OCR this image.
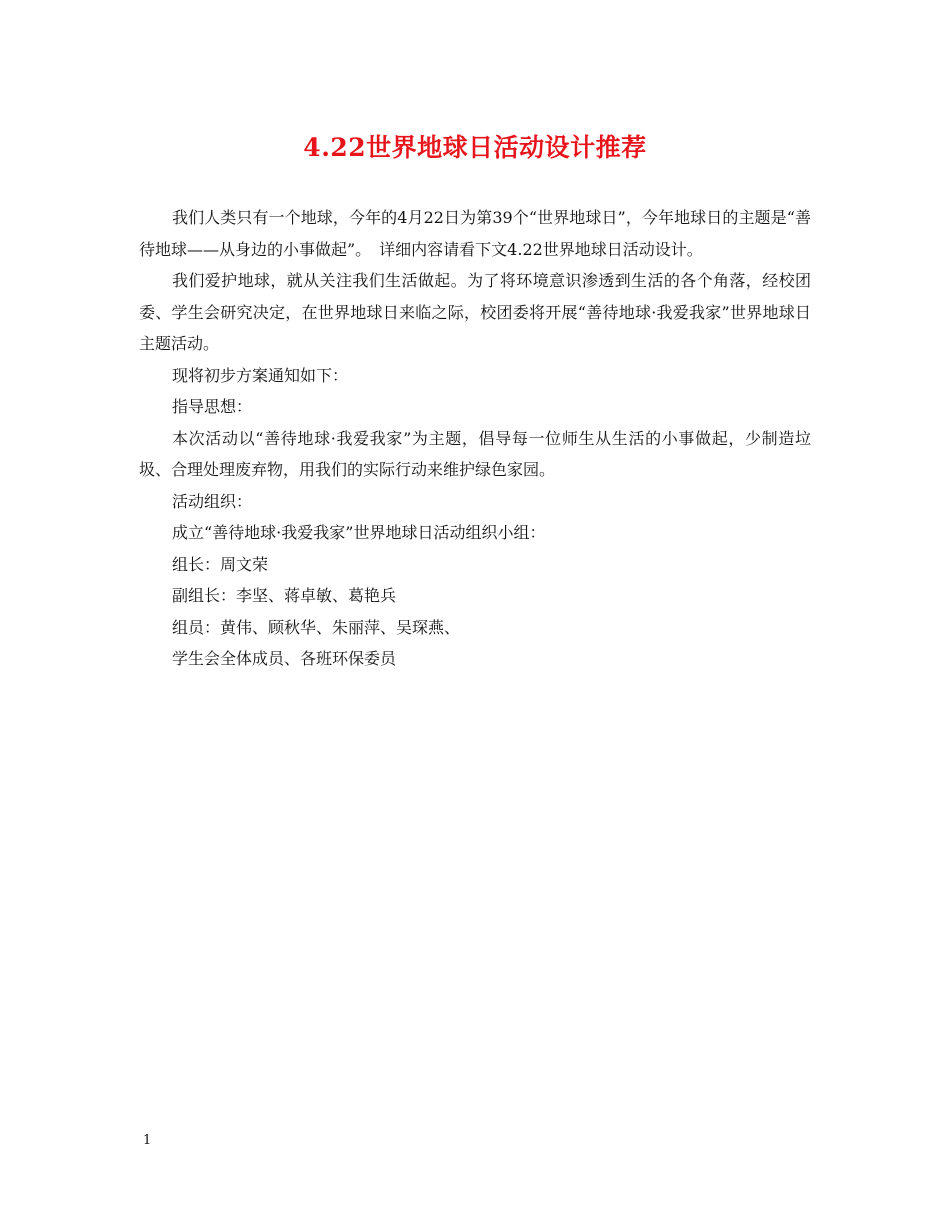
4.22世界地球日活动设计推荐

我们人类只有一个地球，今年的4月22日为第39个“世界地球日”，今年地球日的主题是“善待地球——从身边的小事做起”。　详细内容请看下文4.22世界地球日活动设计。

我们爱护地球，就从关注我们生活做起。为了将环境意识渗透到生活的各个角落，经校团委、学生会研究决定，在世界地球日来临之际，校团委将开展“善待地球·我爱我家”世界地球日主题活动。

现将初步方案通知如下：

指导思想：

本次活动以“善待地球·我爱我家”为主题，倡导每一位师生从生活的小事做起，少制造垃圾、合理处理废弃物，用我们的实际行动来维护绿色家园。

活动组织：

成立“善待地球·我爱我家”世界地球日活动组织小组：

组长：周文荣

副组长：李坚、蒋卓敏、葛艳兵

组员：黄伟、顾秋华、朱丽萍、吴琛燕、

学生会全体成员、各班环保委员

1
